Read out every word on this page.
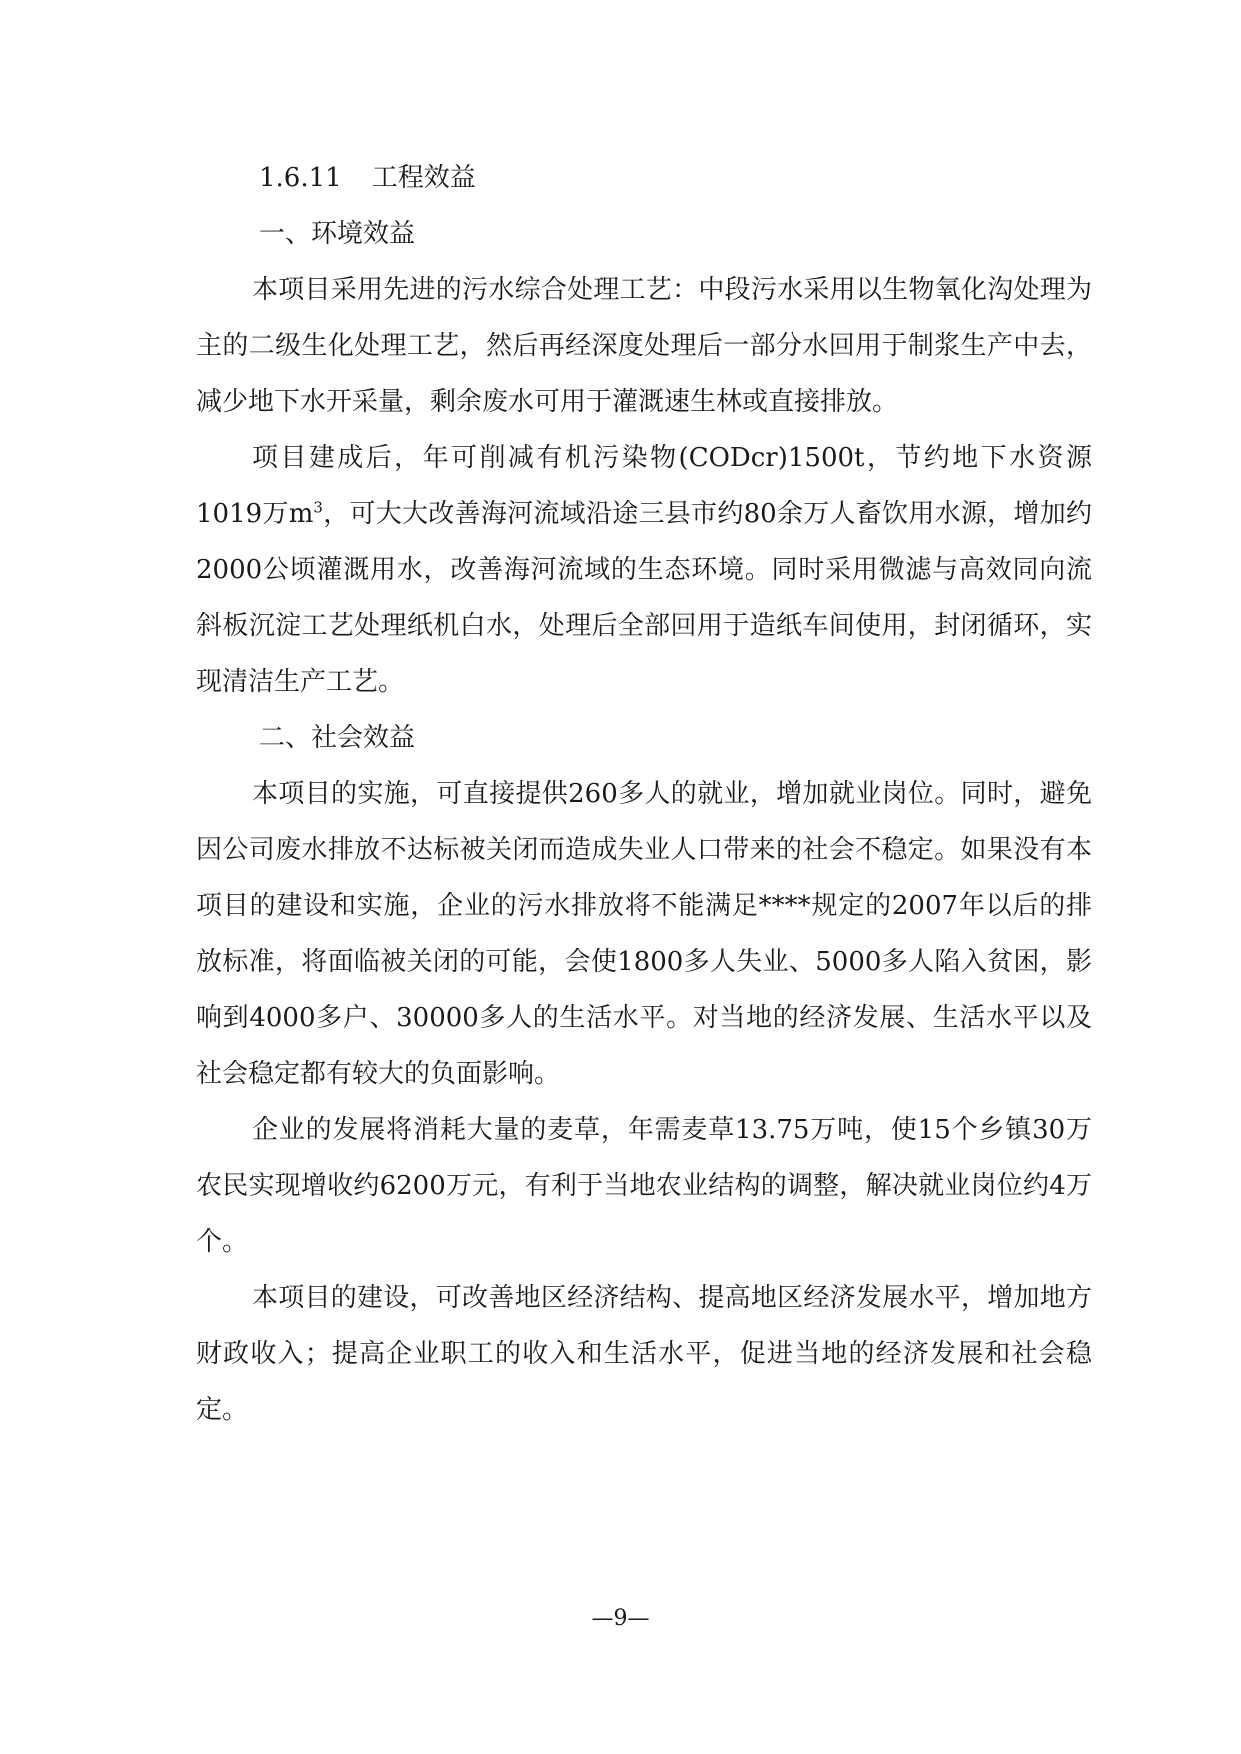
1.6.11 工程效益

一、环境效益

本项目采用先进的污水综合处理工艺：中段污水采用以生物氧化沟处理为主的二级生化处理工艺，然后再经深度处理后一部分水回用于制浆生产中去，减少地下水开采量，剩余废水可用于灌溉速生林或直接排放。

项目建成后，年可削减有机污染物(CODcr)1500t，节约地下水资源1019万$m^3$，可大大改善海河流域沿途三县市约80余万人畜饮用水源，增加约2000公顷灌溉用水，改善海河流域的生态环境。同时采用微滤与高效同向流斜板沉淀工艺处理纸机白水，处理后全部回用于造纸车间使用，封闭循环，实现清洁生产工艺。

二、社会效益

本项目的实施，可直接提供260多人的就业，增加就业岗位。同时，避免因公司废水排放不达标被关闭而造成失业人口带来的社会不稳定。如果没有本项目的建设和实施，企业的污水排放将不能满足****规定的2007年以后的排放标准，将面临被关闭的可能，会使1800多人失业、5000多人陷入贫困，影响到4000多户、30000多人的生活水平。对当地的经济发展、生活水平以及社会稳定都有较大的负面影响。

企业的发展将消耗大量的麦草，年需麦草13.75万吨，使15个乡镇30万农民实现增收约6200万元，有利于当地农业结构的调整，解决就业岗位约4万个。

本项目的建设，可改善地区经济结构、提高地区经济发展水平，增加地方财政收入；提高企业职工的收入和生活水平，促进当地的经济发展和社会稳定。

—9—
